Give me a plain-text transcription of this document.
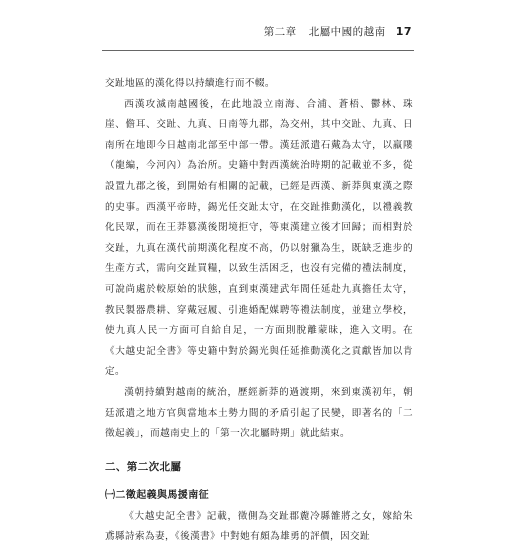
第二章 北屬中國的越南 17

交趾地區的漢化得以持續進行而不輟。

西漢攻滅南越國後，在此地設立南海、合浦、蒼梧、鬱林、珠崖、儋耳、交趾、九真、日南等九郡，為交州，其中交趾、九真、日南所在地即今日越南北部至中部一帶。漢廷派遣石戴為太守，以羸𨻻（龍編，今河內）為治所。史籍中對西漢統治時期的記載並不多，從設置九郡之後，到開始有相關的記載，已經是西漢、新莽與東漢之際的史事。西漢平帝時，錫光任交趾太守，在交趾推動漢化，以禮義教化民眾，而在王莽篡漢後閉境拒守，等東漢建立後才回歸；而相對於交趾，九真在漢代前期漢化程度不高，仍以射獵為生，既缺乏進步的生產方式，需向交趾買糧，以致生活困乏，也沒有完備的禮法制度，可說尚處於較原始的狀態，直到東漢建武年間任延赴九真擔任太守，教民製器農耕、穿戴冠履、引進婚配媒聘等禮法制度，並建立學校，使九真人民一方面可自給自足，一方面則脫離蒙昧，進入文明。在《大越史記全書》等史籍中對於錫光與任延推動漢化之貢獻皆加以肯定。

漢朝持續對越南的統治，歷經新莽的過渡期，來到東漢初年，朝廷派遣之地方官與當地本土勢力間的矛盾引起了民變，即著名的「二徵起義」，而越南史上的「第一次北屬時期」就此結束。

二、第二次北屬
㈠二徵起義與馬援南征

《大越史記全書》記載，徵側為交趾郡麊冷縣雒將之女，嫁給朱鳶縣詩索為妻，《後漢書》中對她有頗為雄勇的評價，因交趾
